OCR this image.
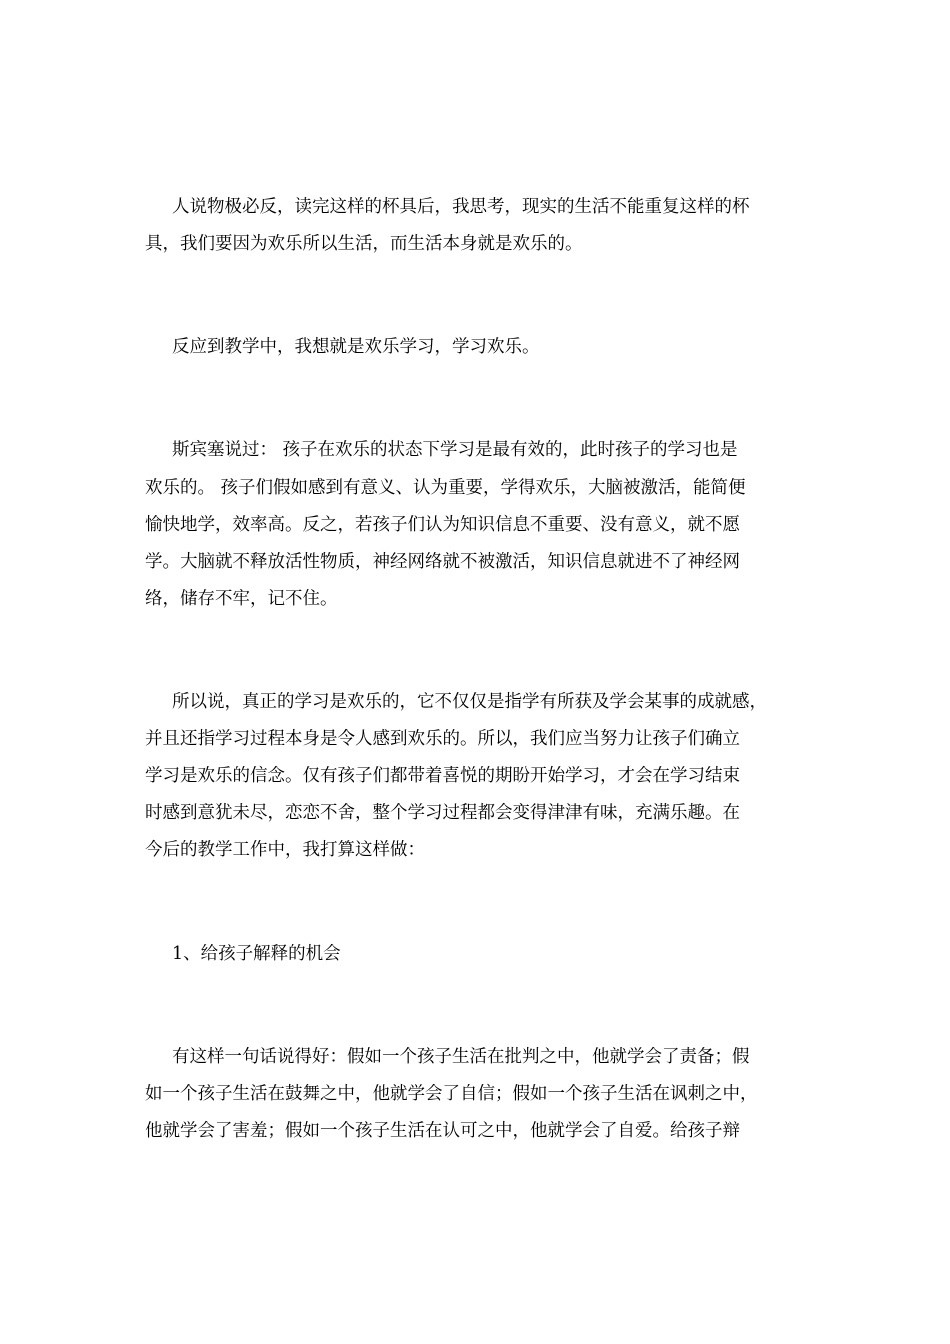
人说物极必反，读完这样的杯具后，我思考，现实的生活不能重复这样的杯

具，我们要因为欢乐所以生活，而生活本身就是欢乐的。

反应到教学中，我想就是欢乐学习，学习欢乐。

斯宾塞说过： 孩子在欢乐的状态下学习是最有效的，此时孩子的学习也是

欢乐的。 孩子们假如感到有意义、认为重要，学得欢乐，大脑被激活，能简便

愉快地学，效率高。反之，若孩子们认为知识信息不重要、没有意义，就不愿

学。大脑就不释放活性物质，神经网络就不被激活，知识信息就进不了神经网

络，储存不牢，记不住。

所以说，真正的学习是欢乐的，它不仅仅是指学有所获及学会某事的成就感，

并且还指学习过程本身是令人感到欢乐的。所以，我们应当努力让孩子们确立

学习是欢乐的信念。仅有孩子们都带着喜悦的期盼开始学习，才会在学习结束

时感到意犹未尽，恋恋不舍，整个学习过程都会变得津津有味，充满乐趣。在

今后的教学工作中，我打算这样做：

1、给孩子解释的机会

有这样一句话说得好：假如一个孩子生活在批判之中，他就学会了责备；假

如一个孩子生活在鼓舞之中，他就学会了自信；假如一个孩子生活在讽刺之中，

他就学会了害羞；假如一个孩子生活在认可之中，他就学会了自爱。给孩子辩
